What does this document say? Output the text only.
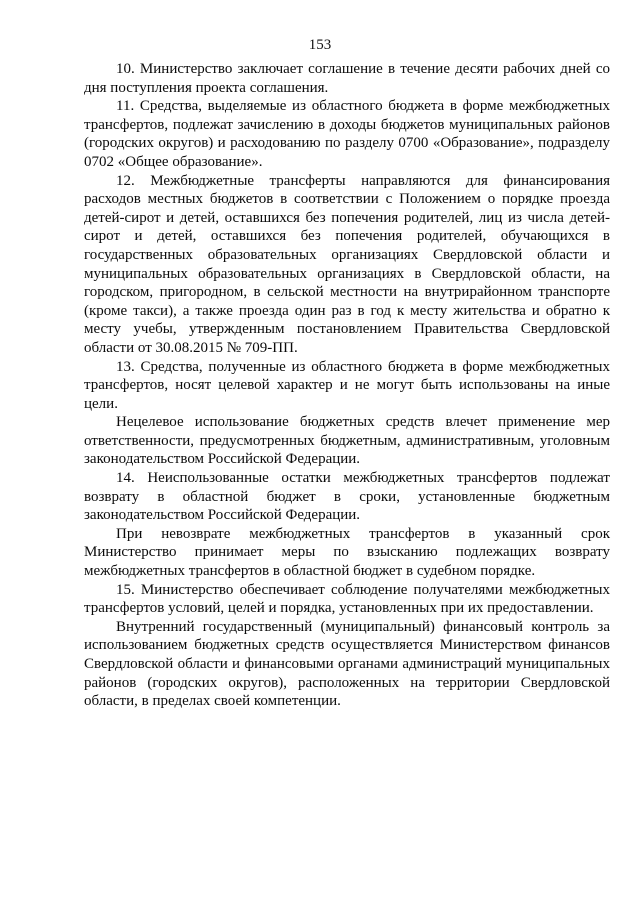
153

10. Министерство заключает соглашение в течение десяти рабочих дней со дня поступления проекта соглашения.

11. Средства, выделяемые из областного бюджета в форме межбюджетных трансфертов, подлежат зачислению в доходы бюджетов муниципальных районов (городских округов) и расходованию по разделу 0700 «Образование», подразделу 0702 «Общее образование».

12. Межбюджетные трансферты направляются для финансирования расходов местных бюджетов в соответствии с Положением о порядке проезда детей-сирот и детей, оставшихся без попечения родителей, лиц из числа детей-сирот и детей, оставшихся без попечения родителей, обучающихся в государственных образовательных организациях Свердловской области и муниципальных образовательных организациях в Свердловской области, на городском, пригородном, в сельской местности на внутрирайонном транспорте (кроме такси), а также проезда один раз в год к месту жительства и обратно к месту учебы, утвержденным постановлением Правительства Свердловской области от 30.08.2015 № 709-ПП.

13. Средства, полученные из областного бюджета в форме межбюджетных трансфертов, носят целевой характер и не могут быть использованы на иные цели.

Нецелевое использование бюджетных средств влечет применение мер ответственности, предусмотренных бюджетным, административным, уголовным законодательством Российской Федерации.

14. Неиспользованные остатки межбюджетных трансфертов подлежат возврату в областной бюджет в сроки, установленные бюджетным законодательством Российской Федерации.

При невозврате межбюджетных трансфертов в указанный срок Министерство принимает меры по взысканию подлежащих возврату межбюджетных трансфертов в областной бюджет в судебном порядке.

15. Министерство обеспечивает соблюдение получателями межбюджетных трансфертов условий, целей и порядка, установленных при их предоставлении.

Внутренний государственный (муниципальный) финансовый контроль за использованием бюджетных средств осуществляется Министерством финансов Свердловской области и финансовыми органами администраций муниципальных районов (городских округов), расположенных на территории Свердловской области, в пределах своей компетенции.
